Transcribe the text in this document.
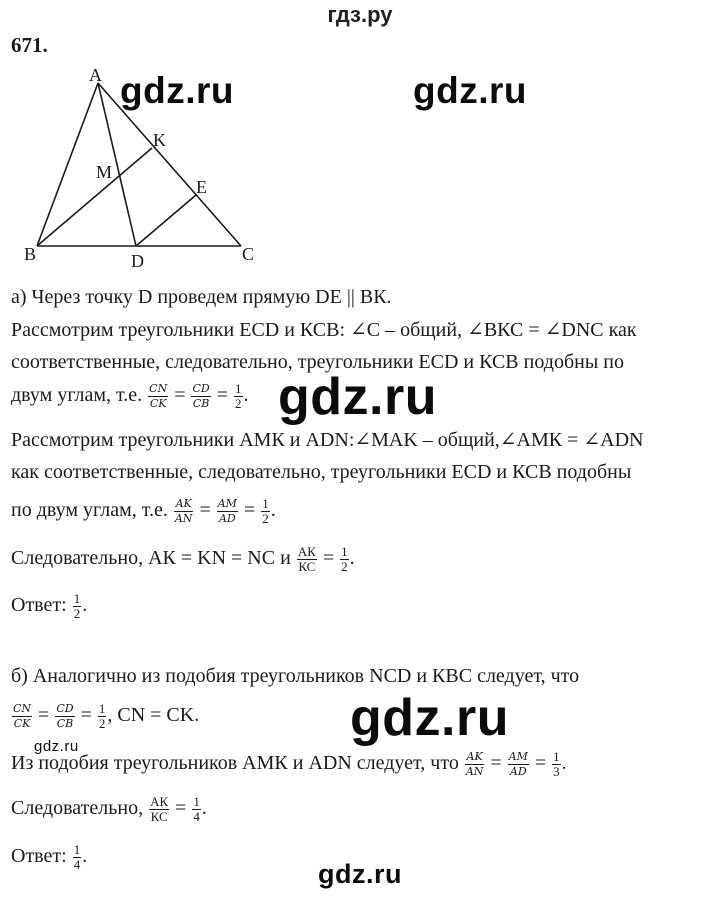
гдз.ру
671.
A
K
M
E
B	D	C
gdz.ru	gdz.ru
а) Через точку D проведем прямую DE || ВК.
Рассмотрим треугольники ECD и КСВ: ∠С – общий, ∠ВКС = ∠DNC как
соответственные, следовательно, треугольники ECD и КСВ подобны по
двум углам, т.е. $\frac{CN}{CK} = \frac{CD}{CB} = \frac{1}{2}$ . gdz.ru
Рассмотрим треугольники АМК и ADN:∠MAK – общий,∠АМК = ∠ADN
как соответственные, следовательно, треугольники ECD и КСВ подобны
по двум углам, т.е. $\frac{AK}{AN} = \frac{AM}{AD} = \frac{1}{2}$ .
Следовательно, АК = KN = NC и $\frac{АК}{КС} = \frac{1}{2}$ .
Ответ: $\frac{1}{2}$ .
б) Аналогично из подобия треугольников NCD и КВС следует, что
$\frac{CN}{CK} = \frac{CD}{CB} = \frac{1}{2}$ , CN = CK.	gdz.ru
gdz.ru
Из подобия треугольников АМК и ADN следует, что $\frac{AK}{AN} = \frac{AM}{AD} = \frac{1}{3}$ .
Следовательно, $\frac{АК}{КС} = \frac{1}{4}$ .
Ответ: $\frac{1}{4}$ .
gdz.ru
